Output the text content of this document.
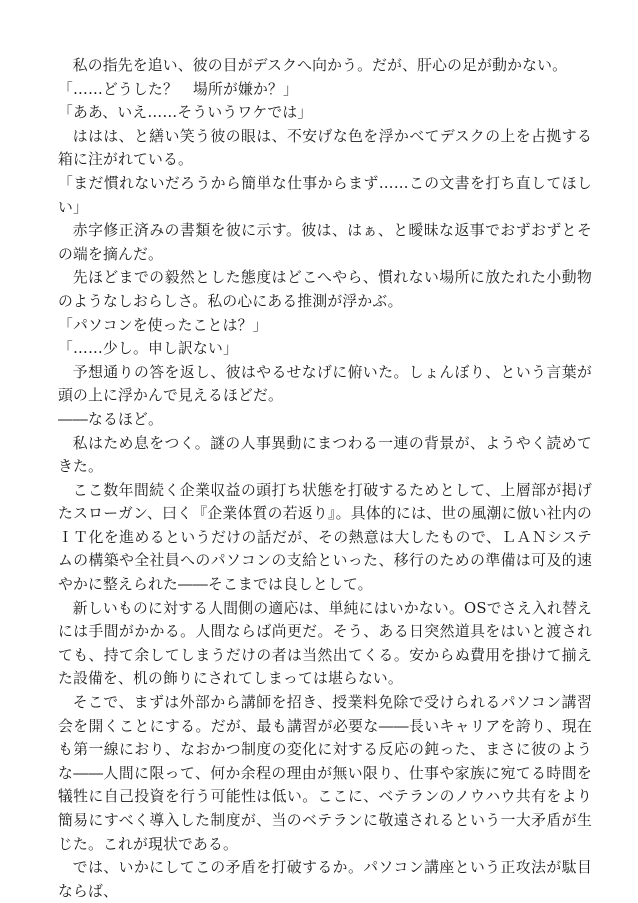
私の指先を追い、彼の目がデスクへ向かう。だが、肝心の足が動かない。

「……どうした？　場所が嫌か？」

「ああ、いえ……そういうワケでは」

ははは、と繕い笑う彼の眼は、不安げな色を浮かべてデスクの上を占拠する箱に注がれている。

「まだ慣れないだろうから簡単な仕事からまず……この文書を打ち直してほしい」

赤字修正済みの書類を彼に示す。彼は、はぁ、と曖昧な返事でおずおずとその端を摘んだ。

先ほどまでの毅然とした態度はどこへやら、慣れない場所に放たれた小動物のようなしおらしさ。私の心にある推測が浮かぶ。

「パソコンを使ったことは？」

「……少し。申し訳ない」

予想通りの答を返し、彼はやるせなげに俯いた。しょんぼり、という言葉が頭の上に浮かんで見えるほどだ。

――なるほど。

私はため息をつく。謎の人事異動にまつわる一連の背景が、ようやく読めてきた。

ここ数年間続く企業収益の頭打ち状態を打破するためとして、上層部が掲げたスローガン、曰く『企業体質の若返り』。具体的には、世の風潮に倣い社内のＩＴ化を進めるというだけの話だが、その熱意は大したもので、ＬＡＮシステムの構築や全社員へのパソコンの支給といった、移行のための準備は可及的速やかに整えられた――そこまでは良しとして。

新しいものに対する人間側の適応は、単純にはいかない。OSでさえ入れ替えには手間がかかる。人間ならば尚更だ。そう、ある日突然道具をはいと渡されても、持て余してしまうだけの者は当然出てくる。安からぬ費用を掛けて揃えた設備を、机の飾りにされてしまっては堪らない。

そこで、まずは外部から講師を招き、授業料免除で受けられるパソコン講習会を開くことにする。だが、最も講習が必要な――長いキャリアを誇り、現在も第一線におり、なおかつ制度の変化に対する反応の鈍った、まさに彼のような――人間に限って、何か余程の理由が無い限り、仕事や家族に宛てる時間を犠牲に自己投資を行う可能性は低い。ここに、ベテランのノウハウ共有をより簡易にすべく導入した制度が、当のベテランに敬遠されるという一大矛盾が生じた。これが現状である。

では、いかにしてこの矛盾を打破するか。パソコン講座という正攻法が駄目ならば、
